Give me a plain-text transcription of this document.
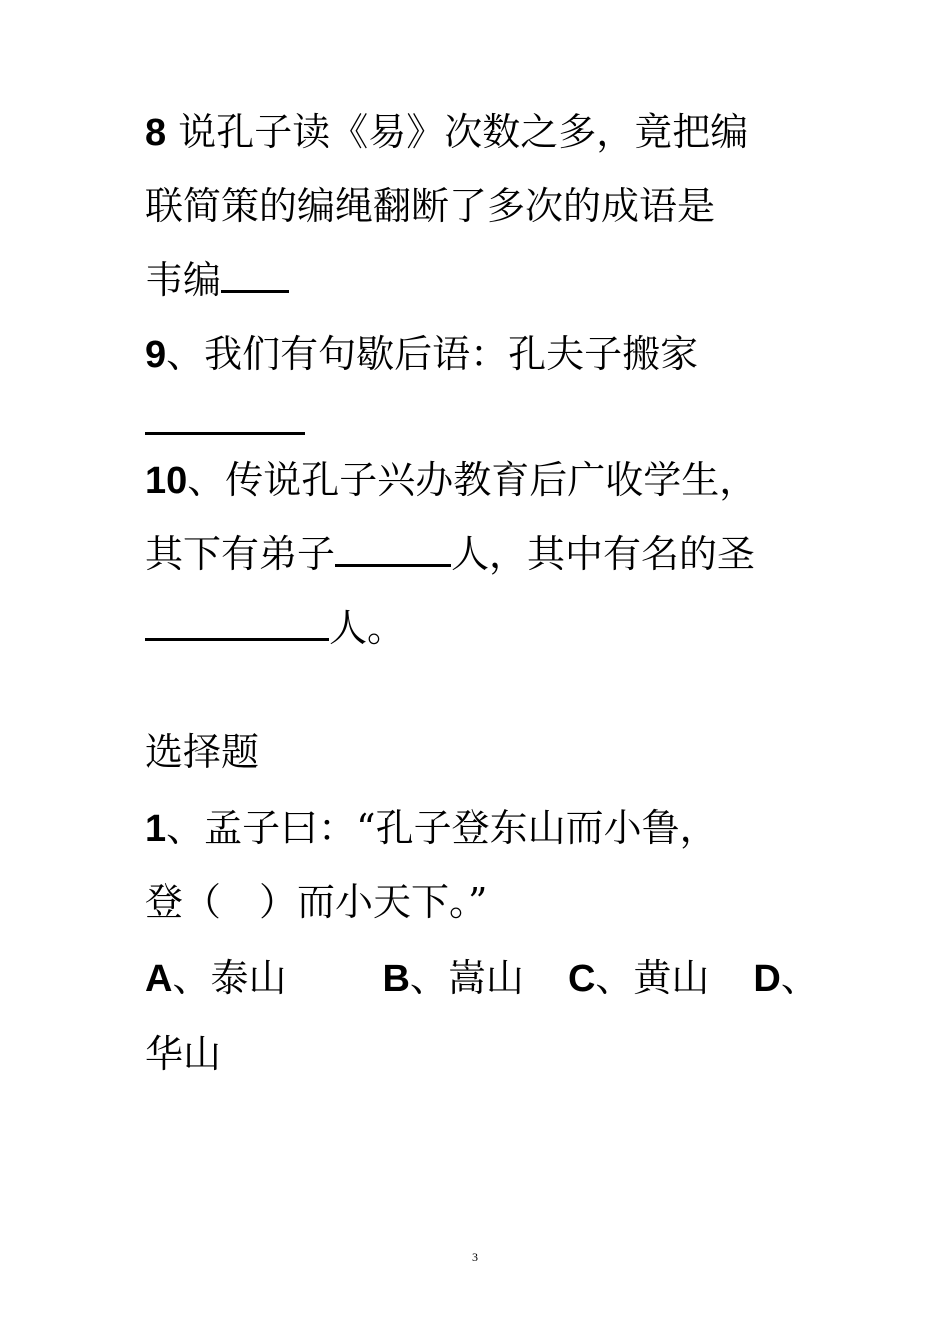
8 说孔子读《易》次数之多，竟把编
联简策的编绳翻断了多次的成语是
韦编
9、我们有句歇后语：孔夫子搬家
10、传说孔子兴办教育后广收学生，
其下有弟子	人，其中有名的圣
人。
选择题
1、孟子曰：“孔子登东山而小鲁，
登（　）而小天下。”
A、泰山	B、嵩山 C、黄山 D、
华山
3
